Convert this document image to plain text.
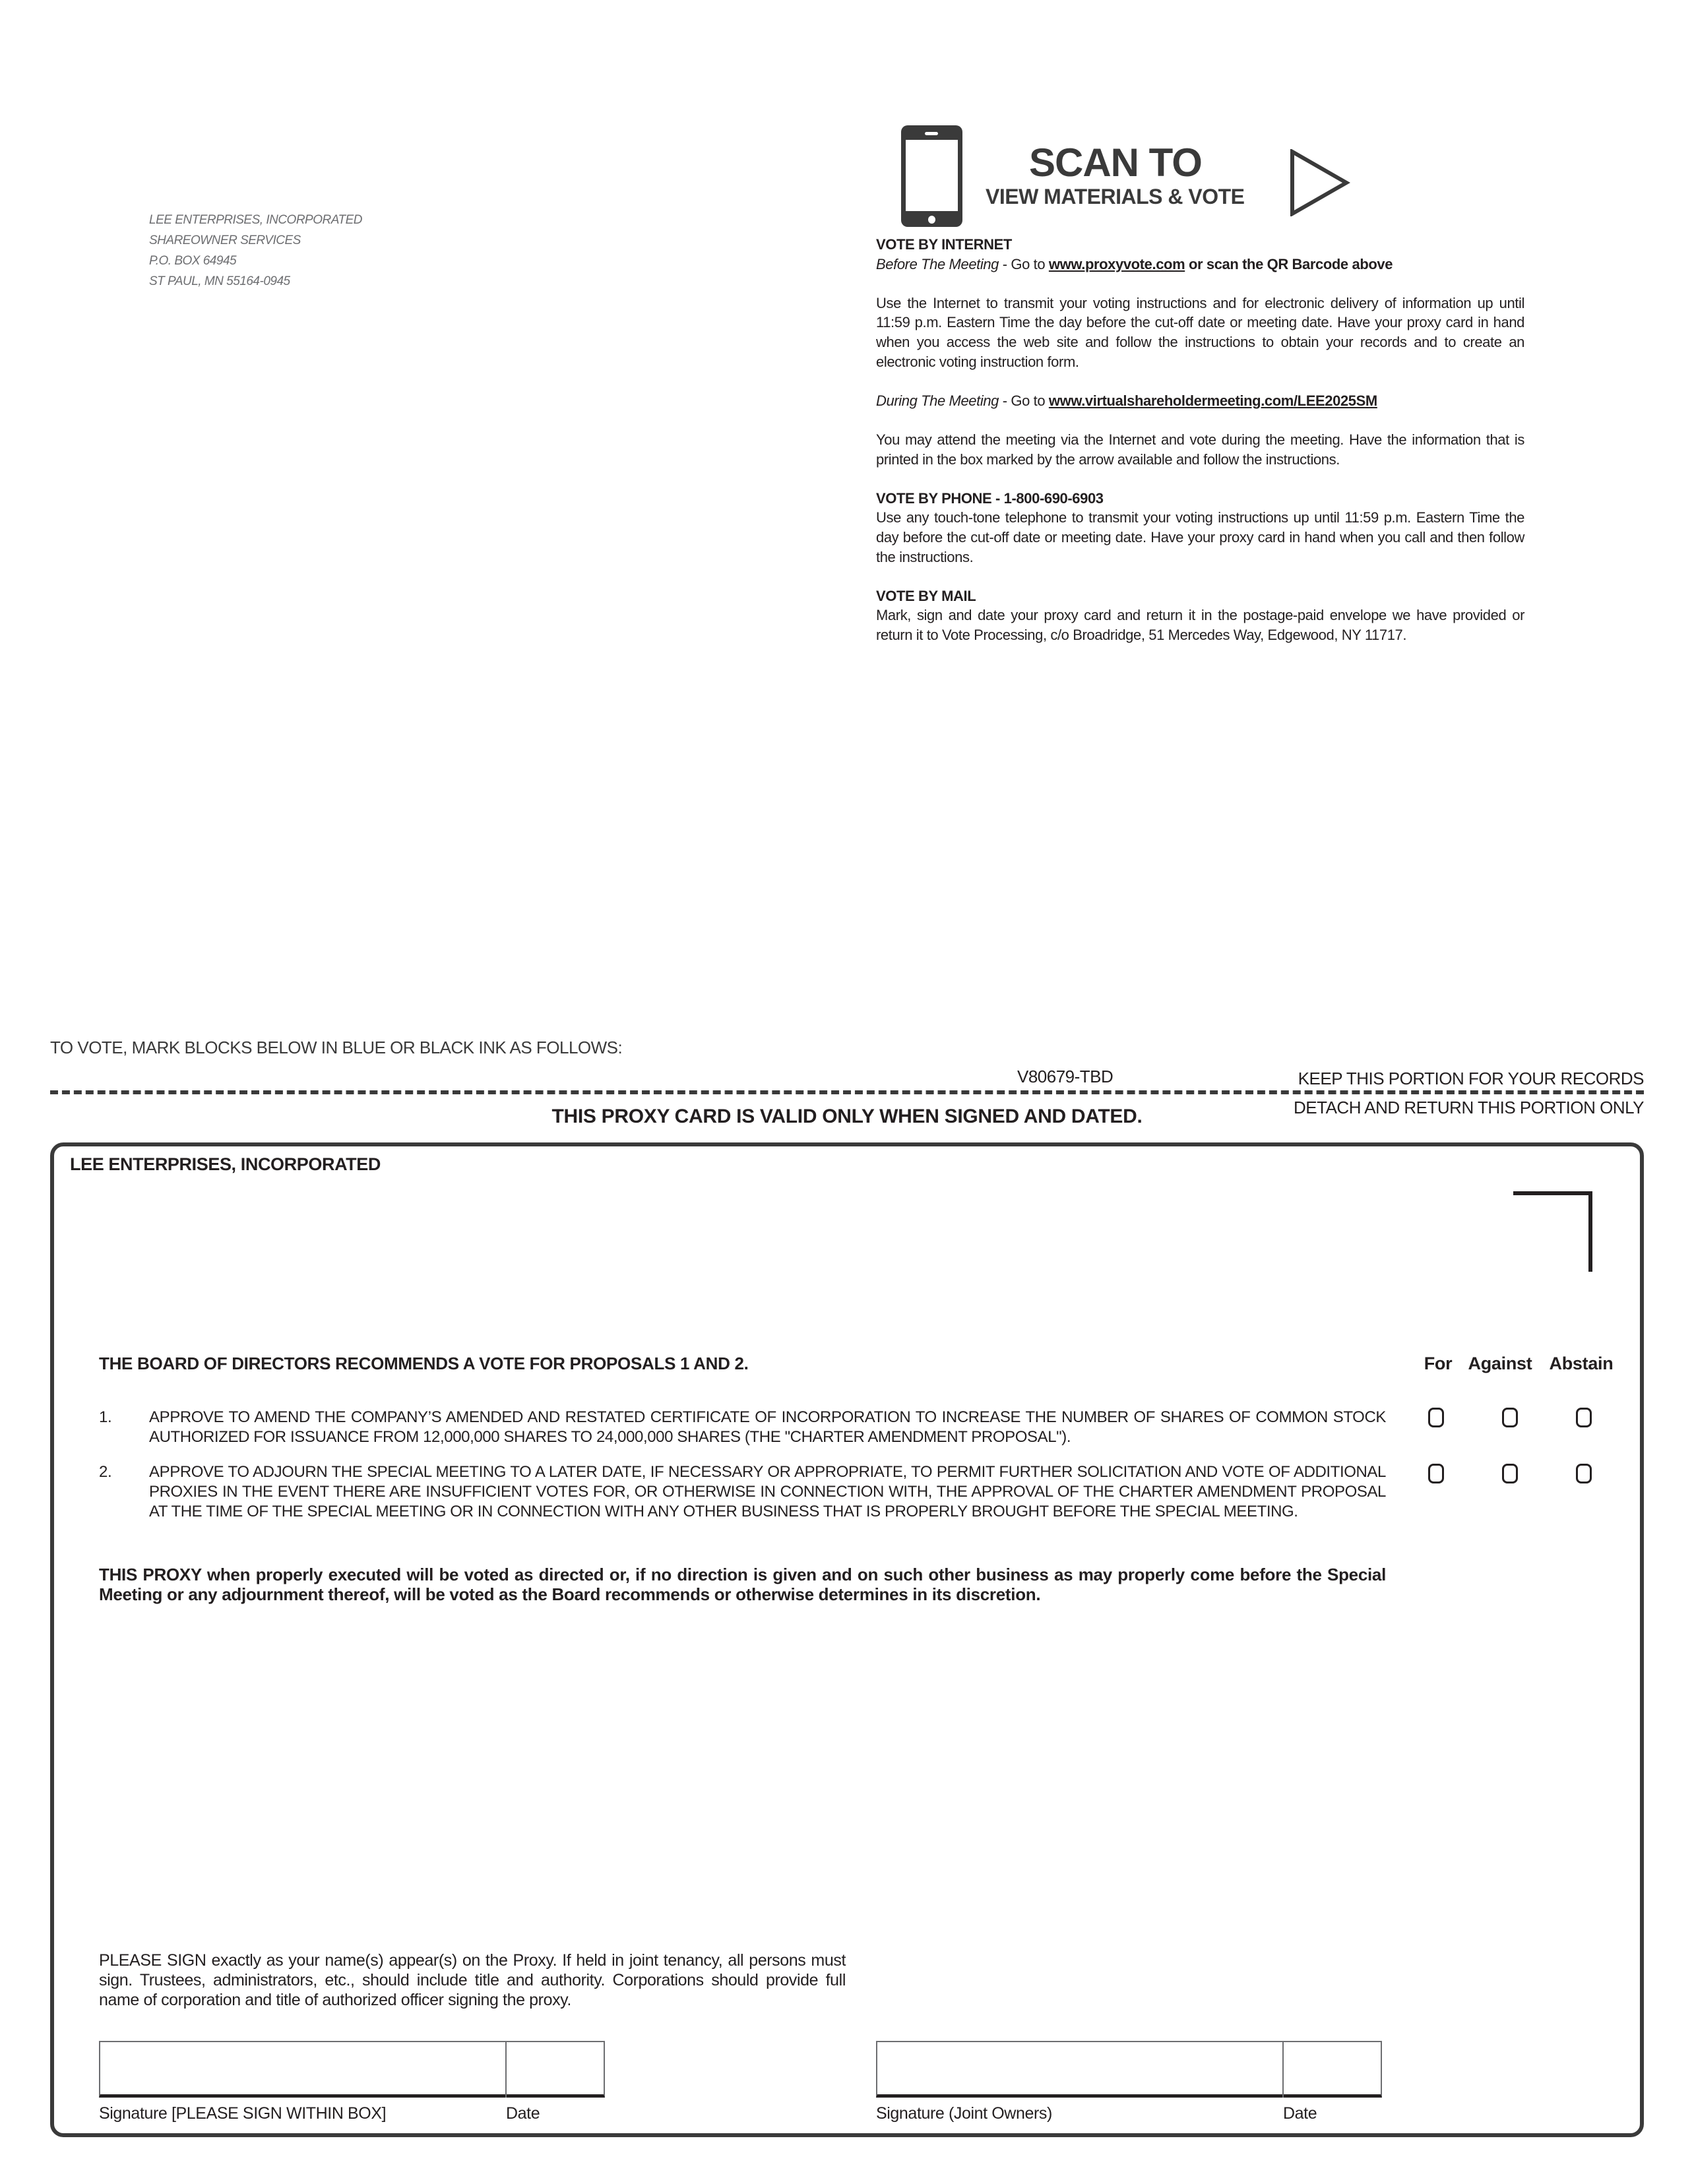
LEE ENTERPRISES, INCORPORATED
SHAREOWNER SERVICES
P.O. BOX 64945
ST PAUL, MN 55164-0945
SCAN TO
VIEW MATERIALS & VOTE

VOTE BY INTERNET
Before The Meeting - Go to www.proxyvote.com or scan the QR Barcode above

Use the Internet to transmit your voting instructions and for electronic delivery of information up until 11:59 p.m. Eastern Time the day before the cut-off date or meeting date. Have your proxy card in hand when you access the web site and follow the instructions to obtain your records and to create an electronic voting instruction form.

During The Meeting - Go to www.virtualshareholdermeeting.com/LEE2025SM

You may attend the meeting via the Internet and vote during the meeting. Have the information that is printed in the box marked by the arrow available and follow the instructions.

VOTE BY PHONE - 1-800-690-6903
Use any touch-tone telephone to transmit your voting instructions up until 11:59 p.m. Eastern Time the day before the cut-off date or meeting date. Have your proxy card in hand when you call and then follow the instructions.

VOTE BY MAIL
Mark, sign and date your proxy card and return it in the postage-paid envelope we have provided or return it to Vote Processing, c/o Broadridge, 51 Mercedes Way, Edgewood, NY 11717.

TO VOTE, MARK BLOCKS BELOW IN BLUE OR BLACK INK AS FOLLOWS:
V80679-TBD	KEEP THIS PORTION FOR YOUR RECORDS
DETACH AND RETURN THIS PORTION ONLY
THIS PROXY CARD IS VALID ONLY WHEN SIGNED AND DATED.
LEE ENTERPRISES, INCORPORATED
THE BOARD OF DIRECTORS RECOMMENDS A VOTE FOR PROPOSALS 1 AND 2.	For Against Abstain
1.	APPROVE TO AMEND THE COMPANY’S AMENDED AND RESTATED CERTIFICATE OF INCORPORATION TO INCREASE THE NUMBER OF SHARES OF COMMON STOCK AUTHORIZED FOR ISSUANCE FROM 12,000,000 SHARES TO 24,000,000 SHARES (THE "CHARTER AMENDMENT PROPOSAL").
2.	APPROVE TO ADJOURN THE SPECIAL MEETING TO A LATER DATE, IF NECESSARY OR APPROPRIATE, TO PERMIT FURTHER SOLICITATION AND VOTE OF ADDITIONAL PROXIES IN THE EVENT THERE ARE INSUFFICIENT VOTES FOR, OR OTHERWISE IN CONNECTION WITH, THE APPROVAL OF THE CHARTER AMENDMENT PROPOSAL AT THE TIME OF THE SPECIAL MEETING OR IN CONNECTION WITH ANY OTHER BUSINESS THAT IS PROPERLY BROUGHT BEFORE THE SPECIAL MEETING.
THIS PROXY when properly executed will be voted as directed or, if no direction is given and on such other business as may properly come before the Special Meeting or any adjournment thereof, will be voted as the Board recommends or otherwise determines in its discretion.
PLEASE SIGN exactly as your name(s) appear(s) on the Proxy. If held in joint tenancy, all persons must sign. Trustees, administrators, etc., should include title and authority. Corporations should provide full name of corporation and title of authorized officer signing the proxy.
Signature [PLEASE SIGN WITHIN BOX]	Date	Signature (Joint Owners)	Date
